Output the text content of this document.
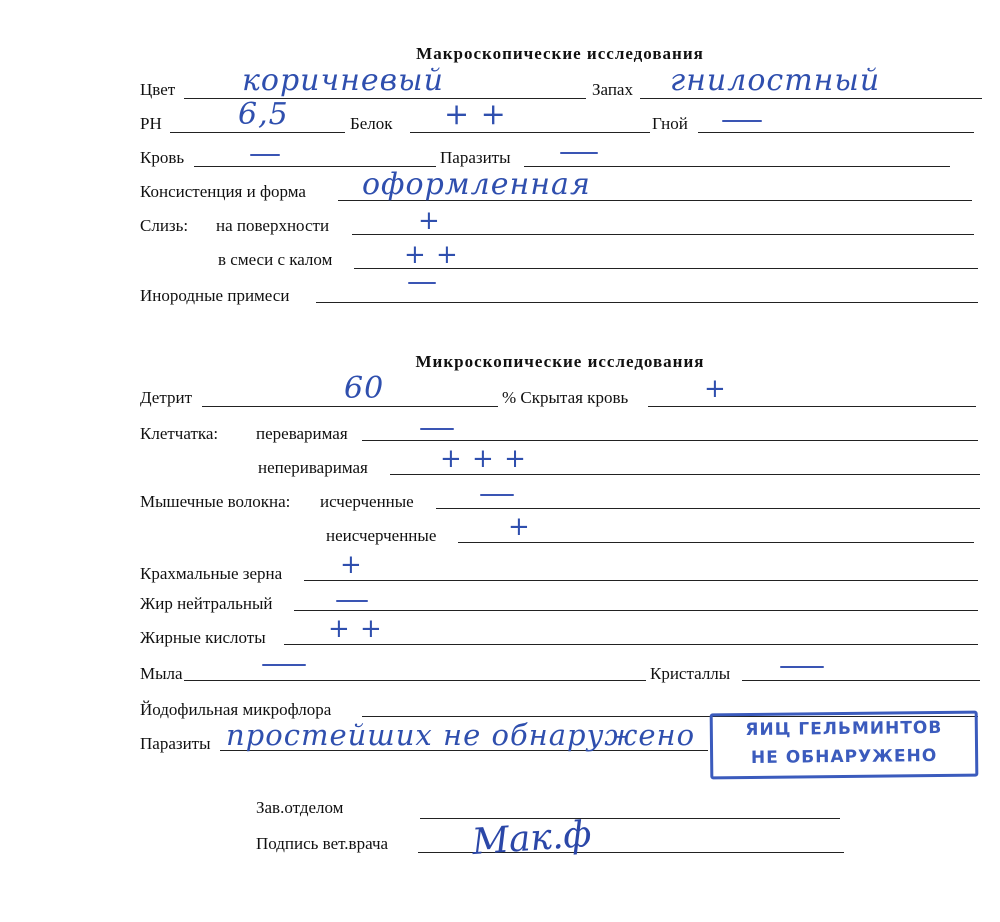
Макроскопические исследования
Цвет коричневый	Запах гнилостный
РН	6,5	Белок + +	Гной
Кровь	Паразиты
Консистенция и форма оформленная
Слизь: на поверхности	+
в смеси с калом	+ +
Инородные примеси
Микроскопические исследования
Детрит	60	% Скрытая кровь	+
Клетчатка: переваримая
непериваримая	+ + +
Мышечные волокна: исчерченные
неисчерченные	+
Крахмальные зерна +
Жир нейтральный
Жирные кислоты + +
Мыла	Кристаллы
Йодофильная микрофлора
Паразиты простейших не обнаружено	ЯИЦ ГЕЛЬМИНТОВ
НЕ ОБНАРУЖЕНО
Зав.отделом
Подпись вет.врача Мак.ф
